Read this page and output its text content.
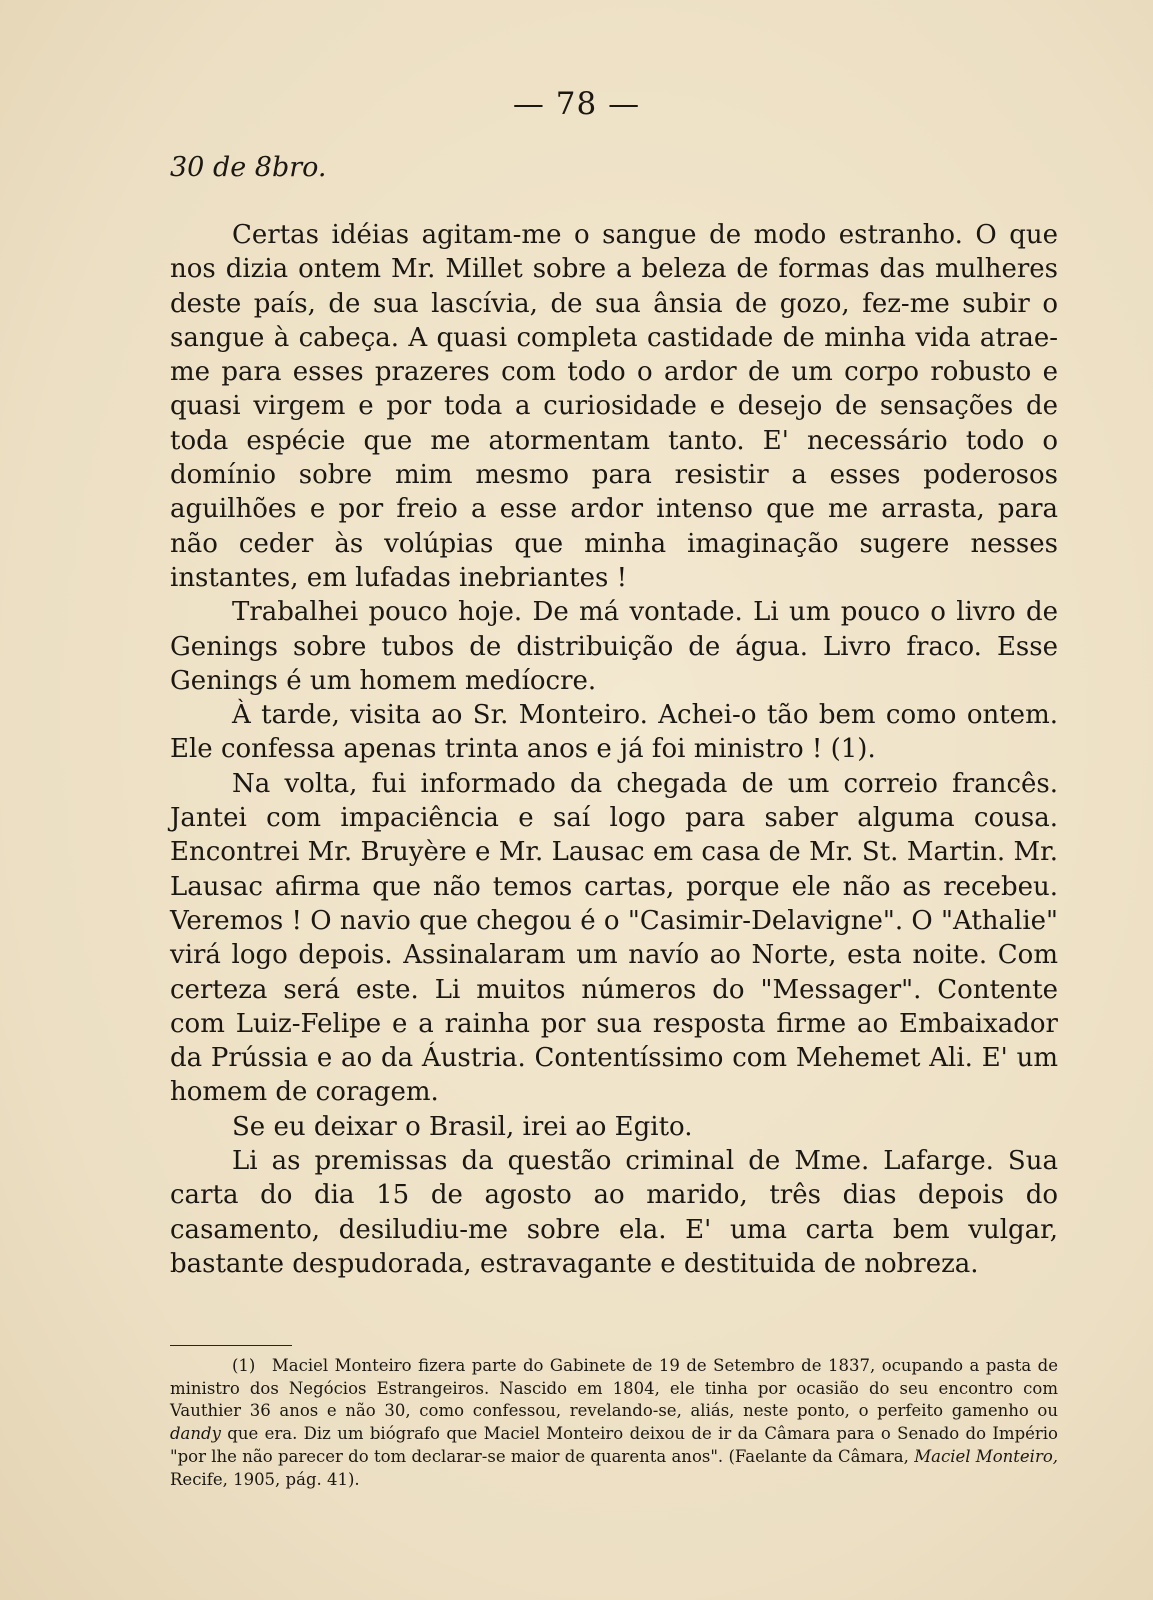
— 78 —
30 de 8bro.

Certas idéias agitam-me o sangue de modo estranho. O que nos dizia ontem Mr. Millet sobre a beleza de formas das mulheres deste país, de sua lascívia, de sua ânsia de gozo, fez-me subir o sangue à cabeça. A quasi completa castidade de minha vida atrae-me para esses prazeres com todo o ardor de um corpo robusto e quasi virgem e por toda a curiosidade e desejo de sensações de toda espécie que me atormentam tanto. E' necessário todo o domínio sobre mim mesmo para resistir a esses poderosos aguilhões e por freio a esse ardor intenso que me arrasta, para não ceder às volúpias que minha imaginação sugere nesses instantes, em lufadas inebriantes !

Trabalhei pouco hoje. De má vontade. Li um pouco o livro de Genings sobre tubos de distribuição de água. Livro fraco. Esse Genings é um homem medíocre.

À tarde, visita ao Sr. Monteiro. Achei-o tão bem como ontem. Ele confessa apenas trinta anos e já foi ministro ! (1).

Na volta, fui informado da chegada de um correio francês. Jantei com impaciência e saí logo para saber alguma cousa. Encontrei Mr. Bruyère e Mr. Lausac em casa de Mr. St. Martin. Mr. Lausac afirma que não temos cartas, porque ele não as recebeu. Veremos ! O navio que chegou é o "Casimir-Delavigne". O "Athalie" virá logo depois. Assinalaram um navío ao Norte, esta noite. Com certeza será este. Li muitos números do "Messager". Contente com Luiz-Felipe e a rainha por sua resposta firme ao Embaixador da Prússia e ao da Áustria. Contentíssimo com Mehemet Ali. E' um homem de coragem.

Se eu deixar o Brasil, irei ao Egito.

Li as premissas da questão criminal de Mme. Lafarge. Sua carta do dia 15 de agosto ao marido, três dias depois do casamento, desiludiu-me sobre ela. E' uma carta bem vulgar, bastante despudorada, estravagante e destituida de nobreza.

(1) Maciel Monteiro fizera parte do Gabinete de 19 de Setembro de 1837, ocupando a pasta de ministro dos Negócios Estrangeiros. Nascido em 1804, ele tinha por ocasião do seu encontro com Vauthier 36 anos e não 30, como confessou, revelando-se, aliás, neste ponto, o perfeito gamenho ou dandy que era. Diz um biógrafo que Maciel Monteiro deixou de ir da Câmara para o Senado do Império "por lhe não parecer do tom declarar-se maior de quarenta anos". (Faelante da Câmara, Maciel Monteiro, Recife, 1905, pág. 41).
